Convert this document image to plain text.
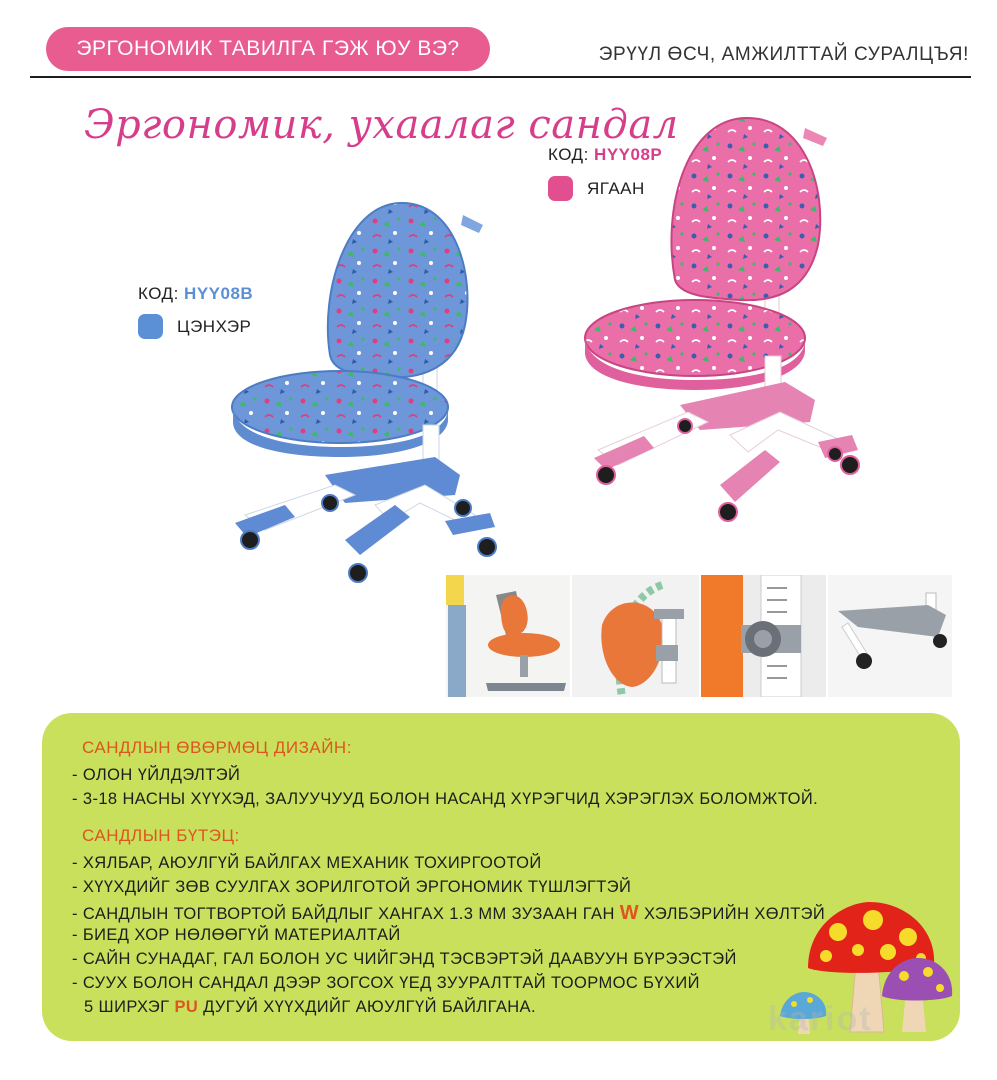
ЭРГОНОМИК ТАВИЛГА ГЭЖ ЮУ ВЭ?	ЭРҮҮЛ ӨСЧ, АМЖИЛТТАЙ СУРАЛЦЪЯ!
Эргономик, ухаалаг сандал
КОД: HYY08B
ЦЭНХЭР
КОД: HYY08P
ЯГААН
САНДЛЫН ӨВӨРМӨЦ ДИЗАЙН:
- ОЛОН ҮЙЛДЭЛТЭЙ
- 3-18 НАСНЫ ХҮҮХЭД, ЗАЛУУЧУУД БОЛОН НАСАНД ХҮРЭГЧИД ХЭРЭГЛЭХ БОЛОМЖТОЙ.
САНДЛЫН БҮТЭЦ:
- ХЯЛБАР, АЮУЛГҮЙ БАЙЛГАХ МЕХАНИК ТОХИРГООТОЙ
- ХҮҮХДИЙГ ЗӨВ СУУЛГАХ ЗОРИЛГОТОЙ ЭРГОНОМИК ТҮШЛЭГТЭЙ
- САНДЛЫН ТОГТВОРТОЙ БАЙДЛЫГ ХАНГАХ 1.3 ММ ЗУЗААН ГАН W ХЭЛБЭРИЙН ХӨЛТЭЙ
- БИЕД ХОР НӨЛӨӨГҮЙ МАТЕРИАЛТАЙ
- САЙН СУНАДАГ, ГАЛ БОЛОН УС ЧИЙГЭНД ТЭСВЭРТЭЙ ДААВУУН БҮРЭЭСТЭЙ
- СУУХ БОЛОН САНДАЛ ДЭЭР ЗОГСОХ ҮЕД ЗУУРАЛТТАЙ ТООРМОС БҮХИЙ
5 ШИРХЭГ PU ДУГУЙ ХҮҮХДИЙГ АЮУЛГҮЙ БАЙЛГАНА.	kariot
